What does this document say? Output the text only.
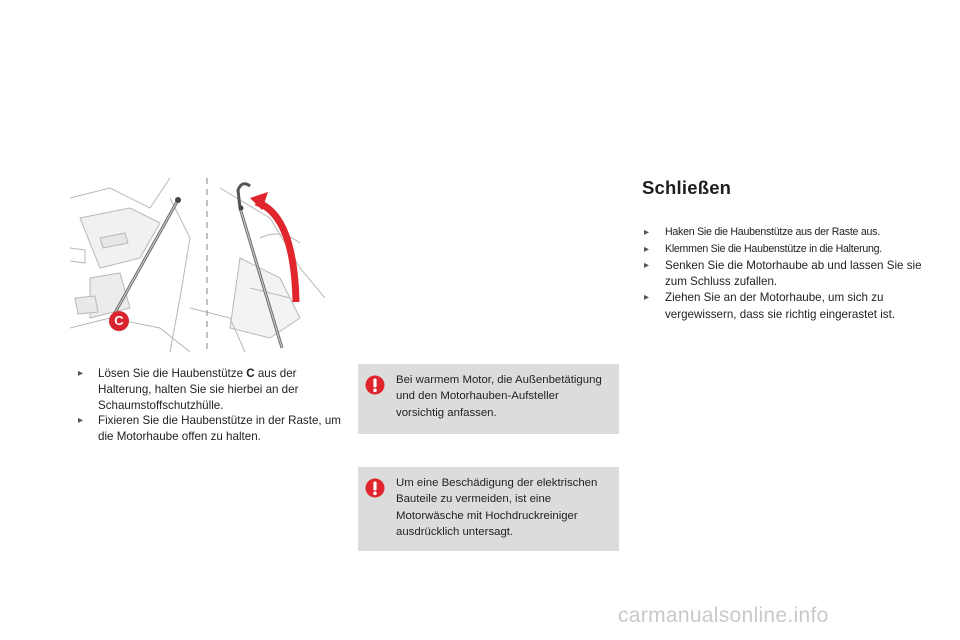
C

▸ Lösen Sie die Haubenstütze C aus der Halterung, halten Sie sie hierbei an der Schaumstoffschutzhülle.

▸ Fixieren Sie die Haubenstütze in der Raste, um die Motorhaube offen zu halten.

Bei warmem Motor, die Außenbetätigung und den Motorhauben-Aufsteller vorsichtig anfassen.
Um eine Beschädigung der elektrischen Bauteile zu vermeiden, ist eine Motorwäsche mit Hochdruckreiniger ausdrücklich untersagt.
Schließen

▸ Haken Sie die Haubenstütze aus der Raste aus.

▸ Klemmen Sie die Haubenstütze in die Halterung.

▸ Senken Sie die Motorhaube ab und lassen Sie sie zum Schluss zufallen.

▸ Ziehen Sie an der Motorhaube, um sich zu vergewissern, dass sie richtig eingerastet ist.

carmanualsonline.info
